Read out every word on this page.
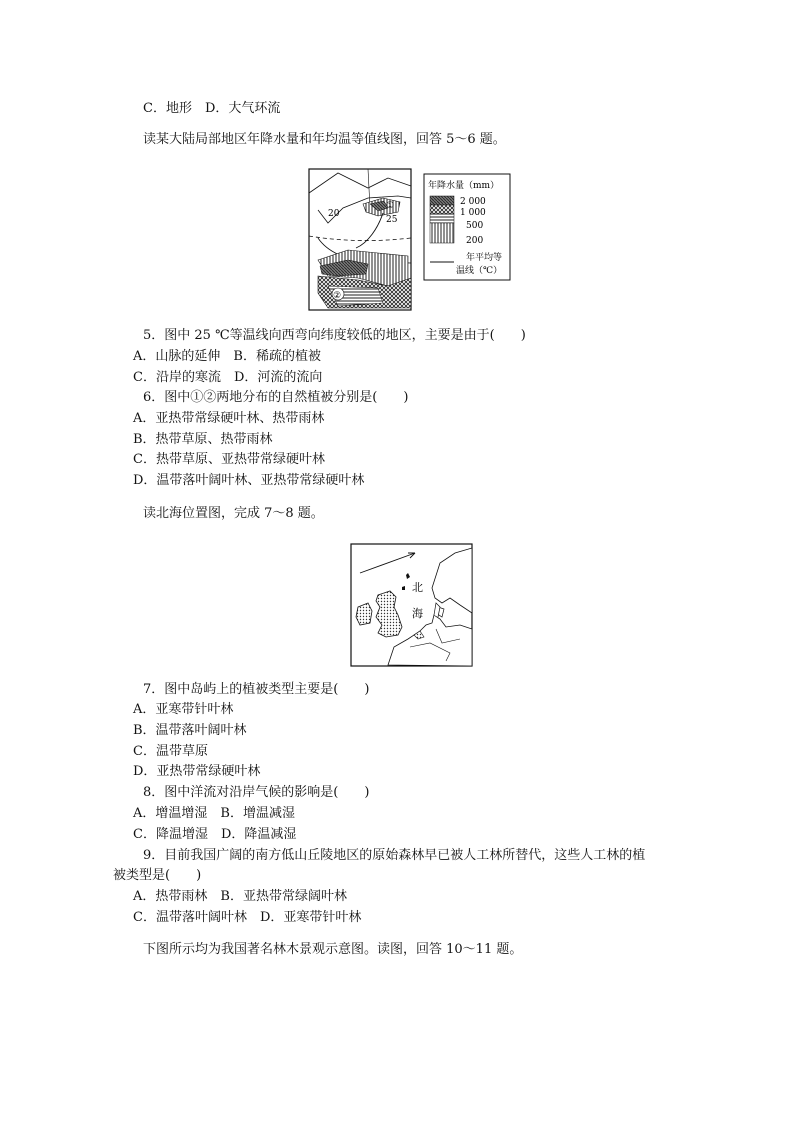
C．地形　D．大气环流
读某大陆局部地区年降水量和年均温等值线图，回答 5～6 题。
20
25
①
②
年降水量（mm）
2 000
1 000
500
200
年平均等
温线（℃）
5．图中 25 ℃等温线向西弯向纬度较低的地区，主要是由于(　　)
A．山脉的延伸　B．稀疏的植被
C．沿岸的寒流　D．河流的流向
6．图中①②两地分布的自然植被分别是(　　)
A．亚热带常绿硬叶林、热带雨林
B．热带草原、热带雨林
C．热带草原、亚热带常绿硬叶林
D．温带落叶阔叶林、亚热带常绿硬叶林
读北海位置图，完成 7～8 题。
北
海
7．图中岛屿上的植被类型主要是(　　)
A．亚寒带针叶林
B．温带落叶阔叶林
C．温带草原
D．亚热带常绿硬叶林
8．图中洋流对沿岸气候的影响是(　　)
A．增温增湿　B．增温减湿
C．降温增湿　D．降温减湿
9．目前我国广阔的南方低山丘陵地区的原始森林早已被人工林所替代，这些人工林的植
被类型是(　　)
A．热带雨林　B．亚热带常绿阔叶林
C．温带落叶阔叶林　D．亚寒带针叶林
下图所示均为我国著名林木景观示意图。读图，回答 10～11 题。
